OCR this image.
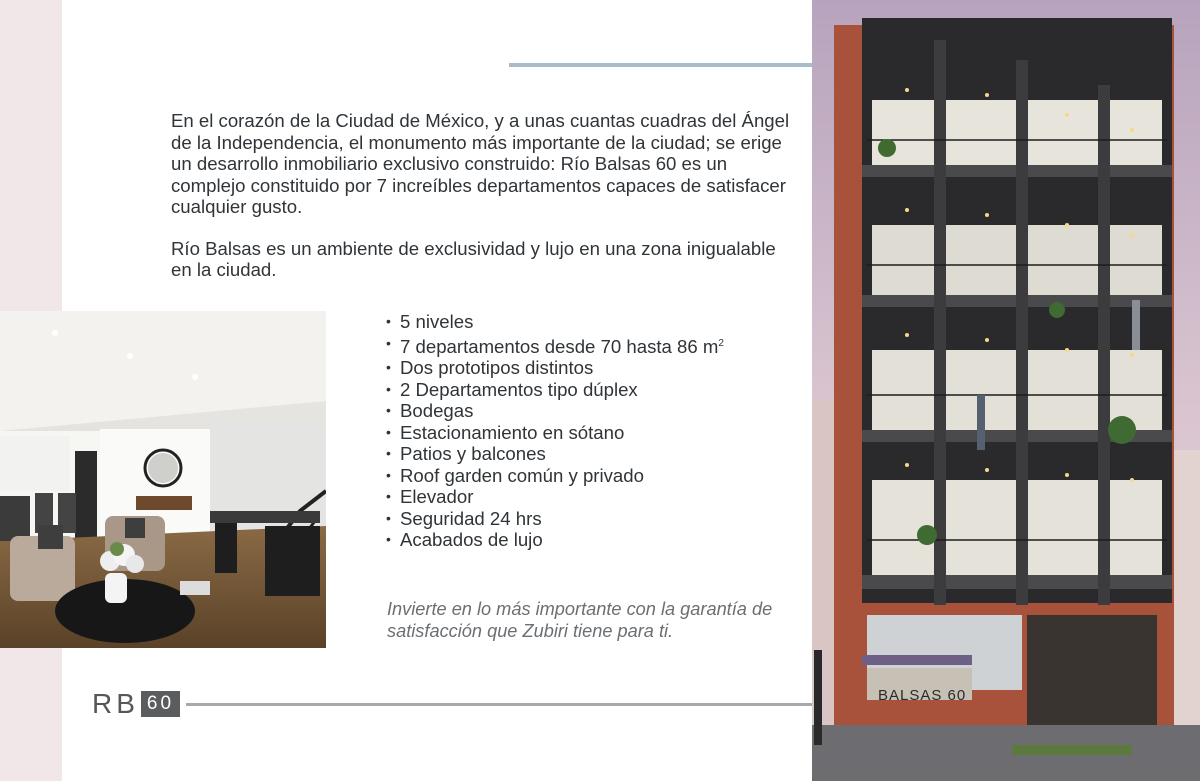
En el corazón de la Ciudad de México, y a unas cuantas cuadras del Ángel de la Independencia, el monumento más importante de la ciudad; se erige un desarrollo inmobiliario exclusivo construido: Río Balsas 60 es un complejo constituido por 7 increíbles departamentos capaces de satisfacer cualquier gusto.

Río Balsas es un ambiente de exclusividad y lujo en una zona inigualable en la ciudad.

• 5 niveles
• 7 departamentos desde 70 hasta 86 $m^2$
• Dos prototipos distintos
• 2 Departamentos tipo dúplex
• Bodegas
• Estacionamiento en sótano
• Patios y balcones
• Roof garden común y privado
• Elevador
• Seguridad 24 hrs
• Acabados de lujo

Invierte en lo más importante con la garantía de satisfacción que Zubiri tiene para ti.

RB 60	BALSAS 60
